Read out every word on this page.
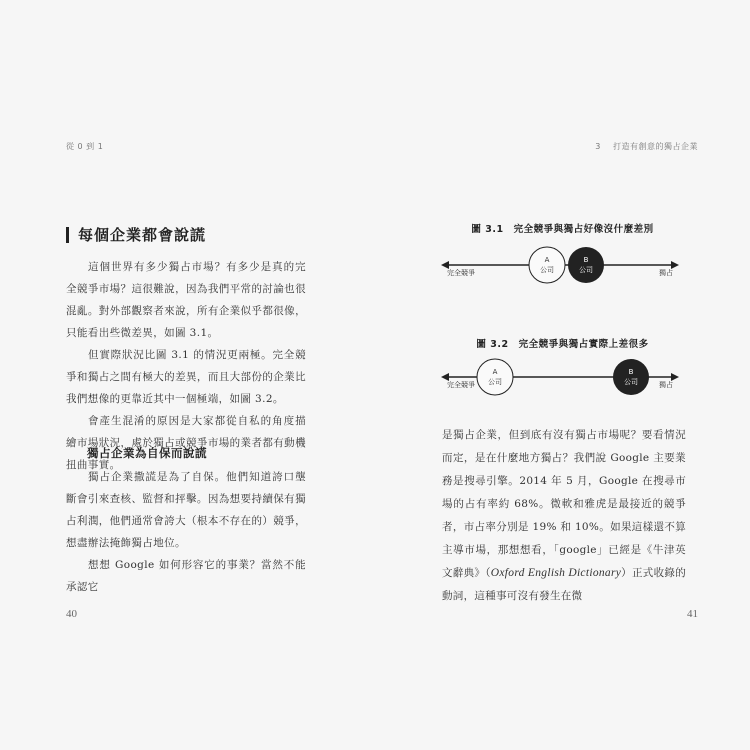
從 0 到 1
每個企業都會說謊

這個世界有多少獨占市場？有多少是真的完全競爭市場？這很難說，因為我們平常的討論也很混亂。對外部觀察者來說，所有企業似乎都很像，只能看出些微差異，如圖 3.1。

但實際狀況比圖 3.1 的情況更兩極。完全競爭和獨占之間有極大的差異，而且大部份的企業比我們想像的更靠近其中一個極端，如圖 3.2。

會產生混淆的原因是大家都從自私的角度描繪市場狀況，處於獨占或競爭市場的業者都有動機扭曲事實。

獨占企業為自保而說謊

獨占企業撒謊是為了自保。他們知道誇口壟斷會引來查核、監督和抨擊。因為想要持續保有獨占利潤，他們通常會誇大（根本不存在的）競爭，想盡辦法掩飾獨占地位。

想想 Google 如何形容它的事業？當然不能承認它

40
3 打造有創意的獨占企業
圖 3.1 完全競爭與獨占好像沒什麼差別
完全競爭	獨占
A
公司
B
公司
圖 3.2 完全競爭與獨占實際上差很多
完全競爭	獨占
A
公司
B
公司
41
是獨占企業，但到底有沒有獨占市場呢？要看情況而定，是在什麼地方獨占？我們說 Google 主要業務是搜尋引擎。2014 年 5 月，Google 在搜尋市場的占有率約 68%。微軟和雅虎是最接近的競爭者，市占率分別是 19% 和 10%。如果這樣還不算主導市場，那想想看，「google」已經是《牛津英文辭典》（Oxford English Dictionary）正式收錄的動詞，這種事可沒有發生在微
